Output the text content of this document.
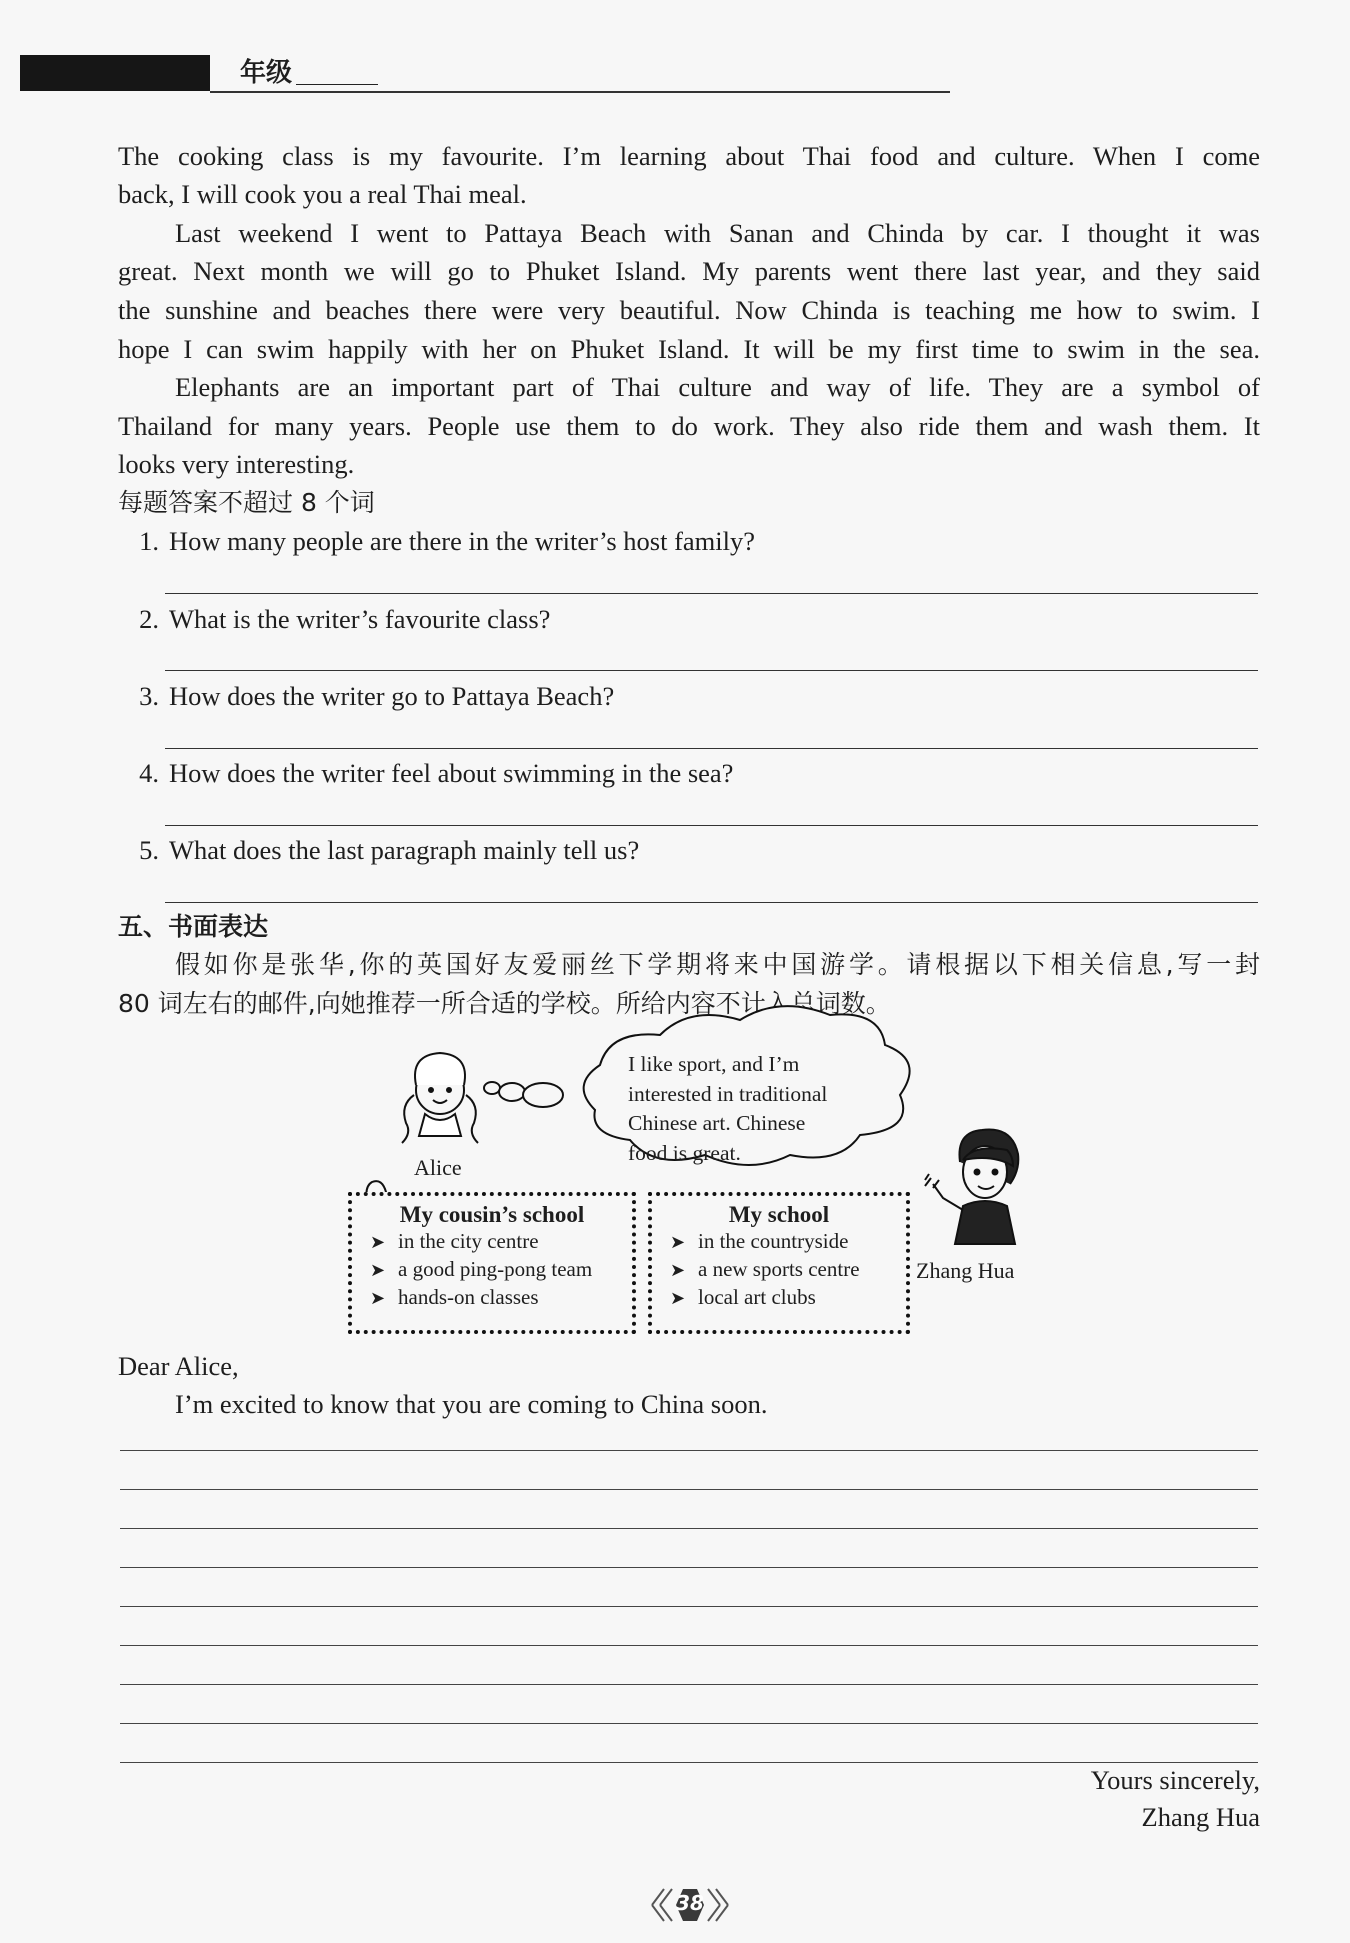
年级
The cooking class is my favourite. I’m learning about Thai food and culture. When I come
back, I will cook you a real Thai meal.
Last weekend I went to Pattaya Beach with Sanan and Chinda by car. I thought it was
great. Next month we will go to Phuket Island. My parents went there last year, and they said
the sunshine and beaches there were very beautiful. Now Chinda is teaching me how to swim. I
hope I can swim happily with her on Phuket Island. It will be my first time to swim in the sea.
Elephants are an important part of Thai culture and way of life. They are a symbol of
Thailand for many years. People use them to do work. They also ride them and wash them. It
looks very interesting.
每题答案不超过 8 个词
1. How many people are there in the writer’s host family?
2. What is the writer’s favourite class?
3. How does the writer go to Pattaya Beach?
4. How does the writer feel about swimming in the sea?
5. What does the last paragraph mainly tell us?
五、书面表达
假如你是张华,你的英国好友爱丽丝下学期将来中国游学。请根据以下相关信息,写一封
80 词左右的邮件,向她推荐一所合适的学校。所给内容不计入总词数。
I like sport, and I’m
interested in traditional
Chinese art. Chinese
food is great.
Alice
Zhang Hua
My cousin’s school
➤ in the city centre
➤ a good ping-pong team
➤ hands-on classes
My school
➤ in the countryside
➤ a new sports centre
➤ local art clubs
Dear Alice,
I’m excited to know that you are coming to China soon.
Yours sincerely,
Zhang Hua
38
